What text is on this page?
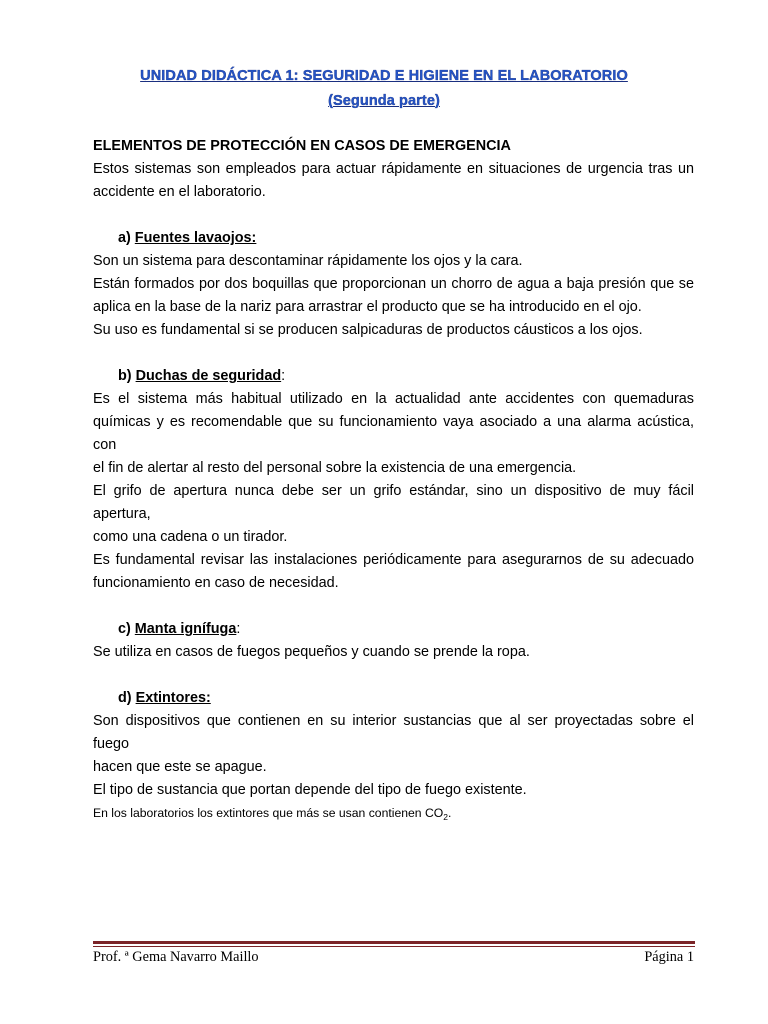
UNIDAD DIDÁCTICA 1: SEGURIDAD E HIGIENE EN EL LABORATORIO
(Segunda parte)
ELEMENTOS DE PROTECCIÓN EN CASOS DE EMERGENCIA
Estos sistemas son empleados para actuar rápidamente en situaciones de urgencia tras un
accidente en el laboratorio.
a) Fuentes lavaojos:
Son un sistema para descontaminar rápidamente los ojos y la cara.
Están formados por dos boquillas que proporcionan un chorro de agua a baja presión que se
aplica en la base de la nariz para arrastrar el producto que se ha introducido en el ojo.
Su uso es fundamental si se producen salpicaduras de productos cáusticos a los ojos.
b) Duchas de seguridad:
Es el sistema más habitual utilizado en la actualidad ante accidentes con quemaduras
químicas y es recomendable que su funcionamiento vaya asociado a una alarma acústica, con
el fin de alertar al resto del personal sobre la existencia de una emergencia.
El grifo de apertura nunca debe ser un grifo estándar, sino un dispositivo de muy fácil apertura,
como una cadena o un tirador.
Es fundamental revisar las instalaciones periódicamente para asegurarnos de su adecuado
funcionamiento en caso de necesidad.
c) Manta ignífuga:
Se utiliza en casos de fuegos pequeños y cuando se prende la ropa.
d) Extintores:
Son dispositivos que contienen en su interior sustancias que al ser proyectadas sobre el fuego
hacen que este se apague.
El tipo de sustancia que portan depende del tipo de fuego existente.
En los laboratorios los extintores que más se usan contienen $CO_2$.
Prof. ª Gema Navarro Maillo	Página 1
